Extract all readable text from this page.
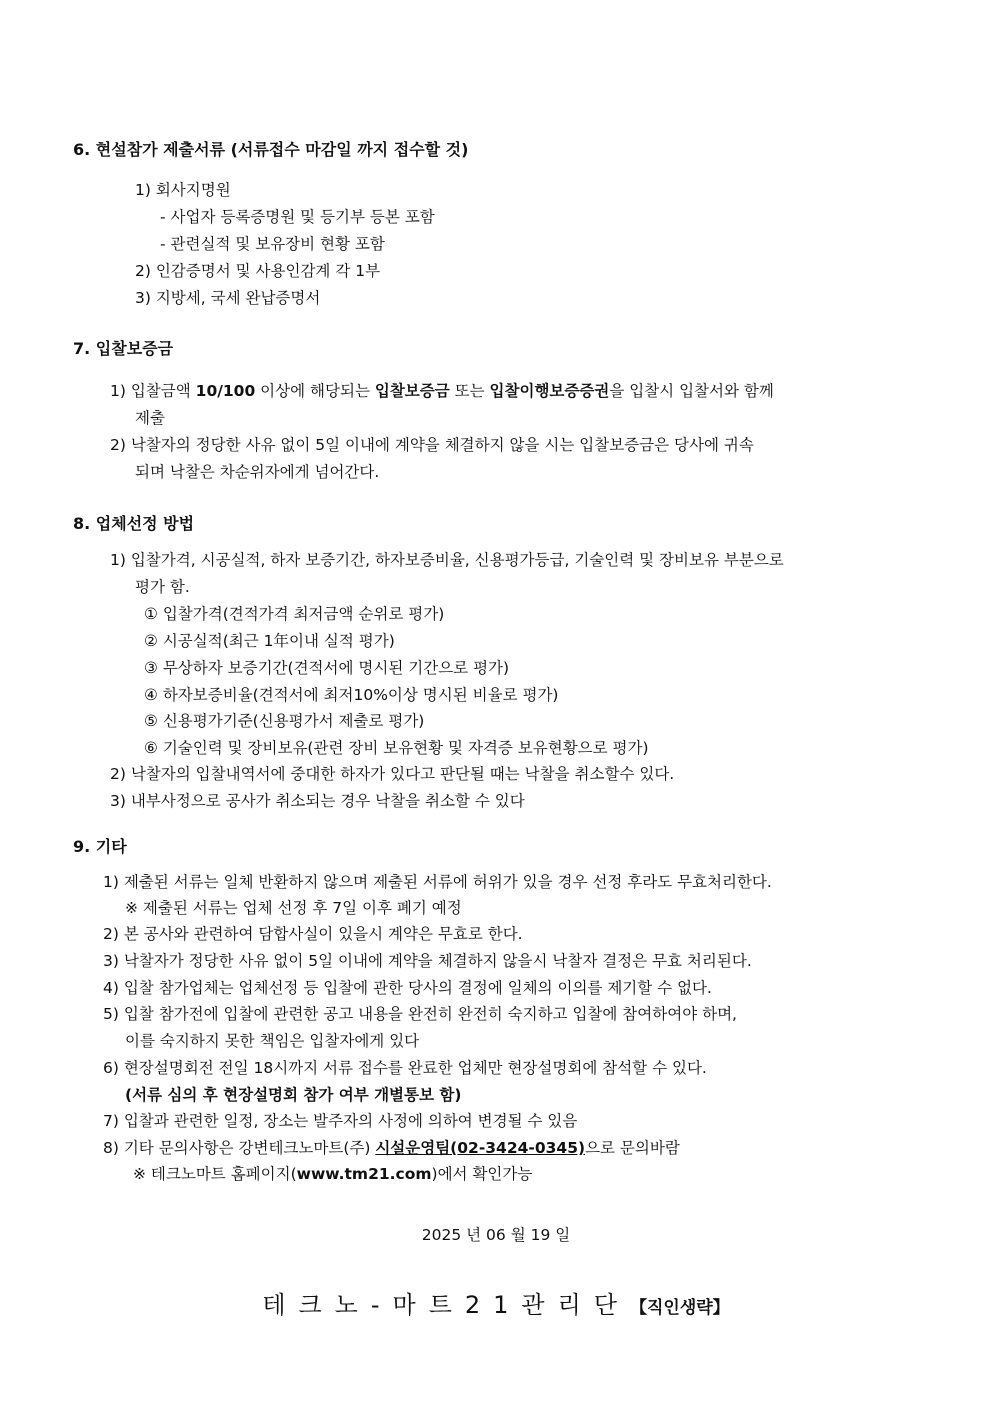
6. 현설참가 제출서류 (서류접수 마감일 까지 접수할 것)
1) 회사지명원
- 사업자 등록증명원 및 등기부 등본 포함
- 관련실적 및 보유장비 현황 포함
2) 인감증명서 및 사용인감계 각 1부
3) 지방세, 국세 완납증명서
7. 입찰보증금
1) 입찰금액 10/100 이상에 해당되는 입찰보증금 또는 입찰이행보증증권을 입찰시 입찰서와 함께
제출
2) 낙찰자의 정당한 사유 없이 5일 이내에 계약을 체결하지 않을 시는 입찰보증금은 당사에 귀속
되며 낙찰은 차순위자에게 넘어간다.
8. 업체선정 방법
1) 입찰가격, 시공실적, 하자 보증기간, 하자보증비율, 신용평가등급, 기술인력 및 장비보유 부분으로
평가 함.
① 입찰가격(견적가격 최저금액 순위로 평가)
② 시공실적(최근 1年이내 실적 평가)
③ 무상하자 보증기간(견적서에 명시된 기간으로 평가)
④ 하자보증비율(견적서에 최저10%이상 명시된 비율로 평가)
⑤ 신용평가기준(신용평가서 제출로 평가)
⑥ 기술인력 및 장비보유(관련 장비 보유현황 및 자격증 보유현황으로 평가)
2) 낙찰자의 입찰내역서에 중대한 하자가 있다고 판단될 때는 낙찰을 취소할수 있다.
3) 내부사정으로 공사가 취소되는 경우 낙찰을 취소할 수 있다
9. 기타
1) 제출된 서류는 일체 반환하지 않으며 제출된 서류에 허위가 있을 경우 선정 후라도 무효처리한다.
※ 제출된 서류는 업체 선정 후 7일 이후 폐기 예정
2) 본 공사와 관련하여 담합사실이 있을시 계약은 무효로 한다.
3) 낙찰자가 정당한 사유 없이 5일 이내에 계약을 체결하지 않을시 낙찰자 결정은 무효 처리된다.
4) 입찰 참가업체는 업체선정 등 입찰에 관한 당사의 결정에 일체의 이의를 제기할 수 없다.
5) 입찰 참가전에 입찰에 관련한 공고 내용을 완전히 완전히 숙지하고 입찰에 참여하여야 하며,
이를 숙지하지 못한 책임은 입찰자에게 있다
6) 현장설명회전 전일 18시까지 서류 접수를 완료한 업체만 현장설명회에 참석할 수 있다.
(서류 심의 후 현장설명회 참가 여부 개별통보 함)
7) 입찰과 관련한 일정, 장소는 발주자의 사정에 의하여 변경될 수 있음
8) 기타 문의사항은 강변테크노마트(주) 시설운영팀(02-3424-0345)으로 문의바람
※ 테크노마트 홈페이지(www.tm21.com)에서 확인가능
2025 년 06 월 19 일
테크노-마트21관리단【직인생략】
